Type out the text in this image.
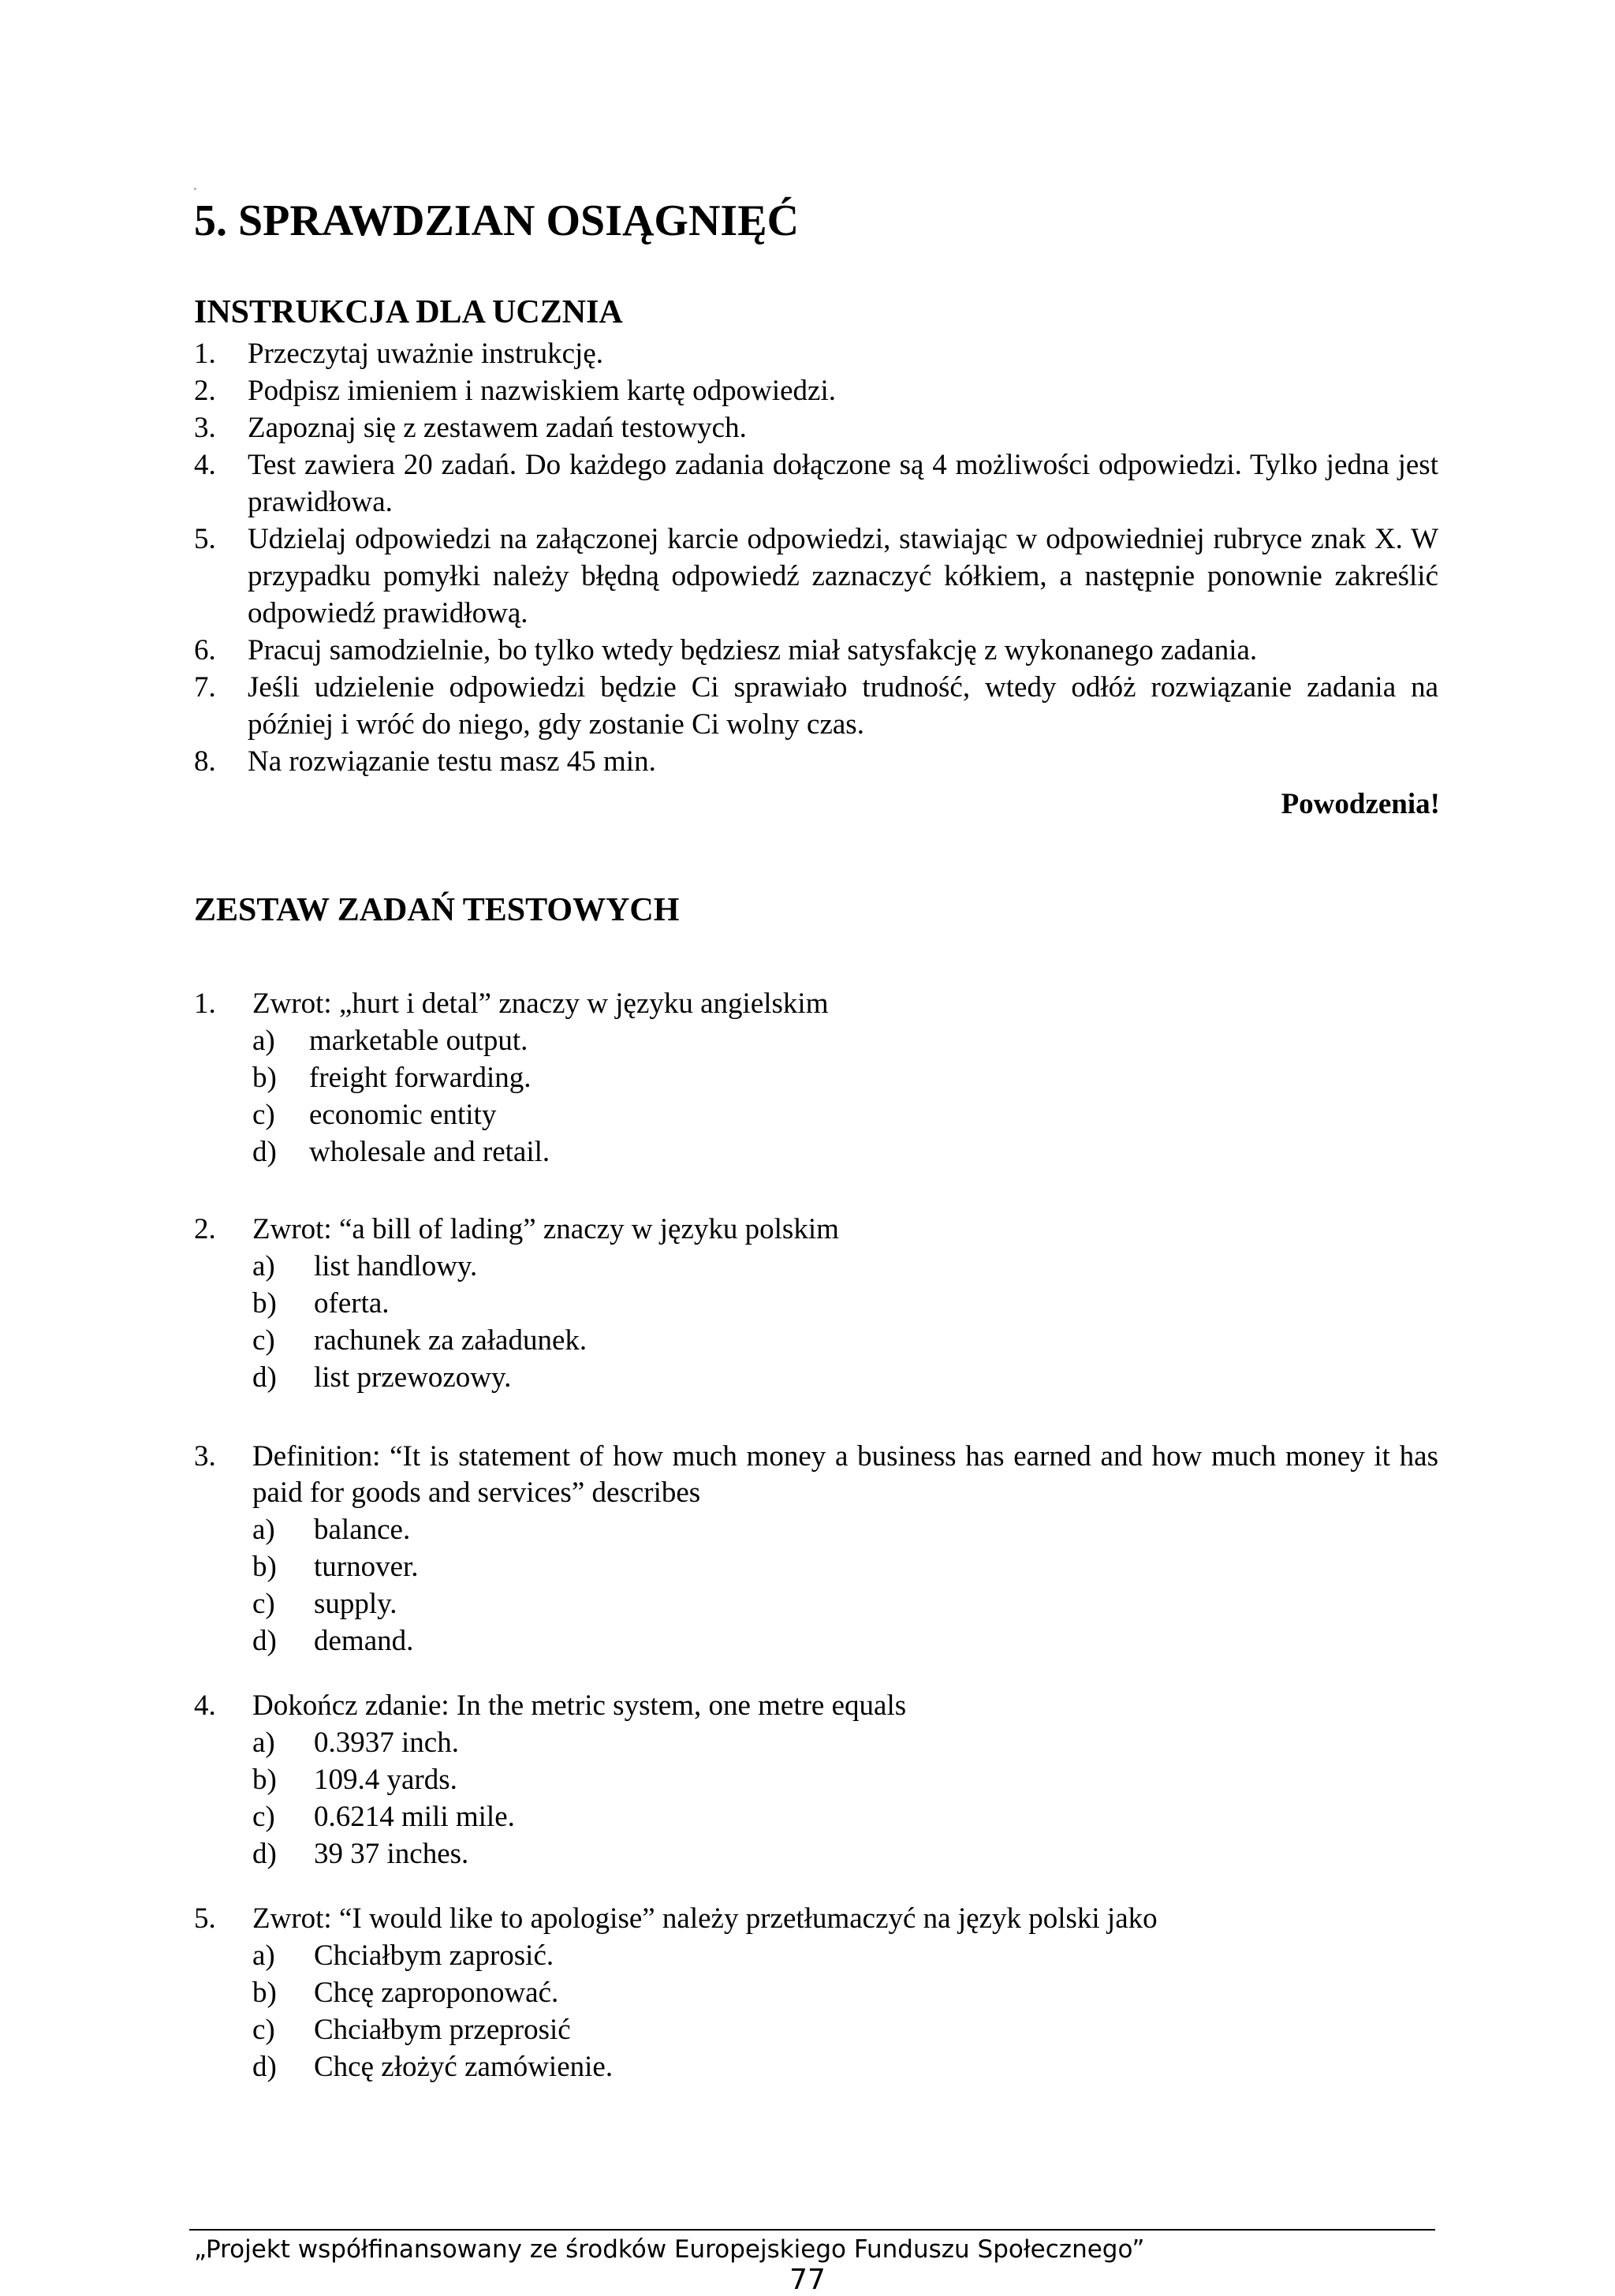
5. SPRAWDZIAN OSIĄGNIĘĆ
INSTRUKCJA DLA UCZNIA
1. Przeczytaj uważnie instrukcję.
2. Podpisz imieniem i nazwiskiem kartę odpowiedzi.
3. Zapoznaj się z zestawem zadań testowych.
4. Test zawiera 20 zadań. Do każdego zadania dołączone są 4 możliwości odpowiedzi. Tylko jedna jest prawidłowa.
5. Udzielaj odpowiedzi na załączonej karcie odpowiedzi, stawiając w odpowiedniej rubryce znak X. W przypadku pomyłki należy błędną odpowiedź zaznaczyć kółkiem, a następnie ponownie zakreślić odpowiedź prawidłową.
6. Pracuj samodzielnie, bo tylko wtedy będziesz miał satysfakcję z wykonanego zadania.
7. Jeśli udzielenie odpowiedzi będzie Ci sprawiało trudność, wtedy odłóż rozwiązanie zadania na później i wróć do niego, gdy zostanie Ci wolny czas.
8. Na rozwiązanie testu masz 45 min.
Powodzenia!
ZESTAW ZADAŃ TESTOWYCH
1. Zwrot: „hurt i detal” znaczy w języku angielskim
a) marketable output.
b) freight forwarding.
c) economic entity
d) wholesale and retail.
2. Zwrot: “a bill of lading” znaczy w języku polskim
a) list handlowy.
b) oferta.
c) rachunek za załadunek.
d) list przewozowy.
3. Definition: “It is statement of how much money a business has earned and how much money it has paid for goods and services” describes
a) balance.
b) turnover.
c) supply.
d) demand.
4. Dokończ zdanie: In the metric system, one metre equals
a) 0.3937 inch.
b) 109.4 yards.
c) 0.6214 mili mile.
d) 39 37 inches.
5. Zwrot: “I would like to apologise” należy przetłumaczyć na język polski jako
a) Chciałbym zaprosić.
b) Chcę zaproponować.
c) Chciałbym przeprosić
d) Chcę złożyć zamówienie.
„Projekt współfinansowany ze środków Europejskiego Funduszu Społecznego”
77
